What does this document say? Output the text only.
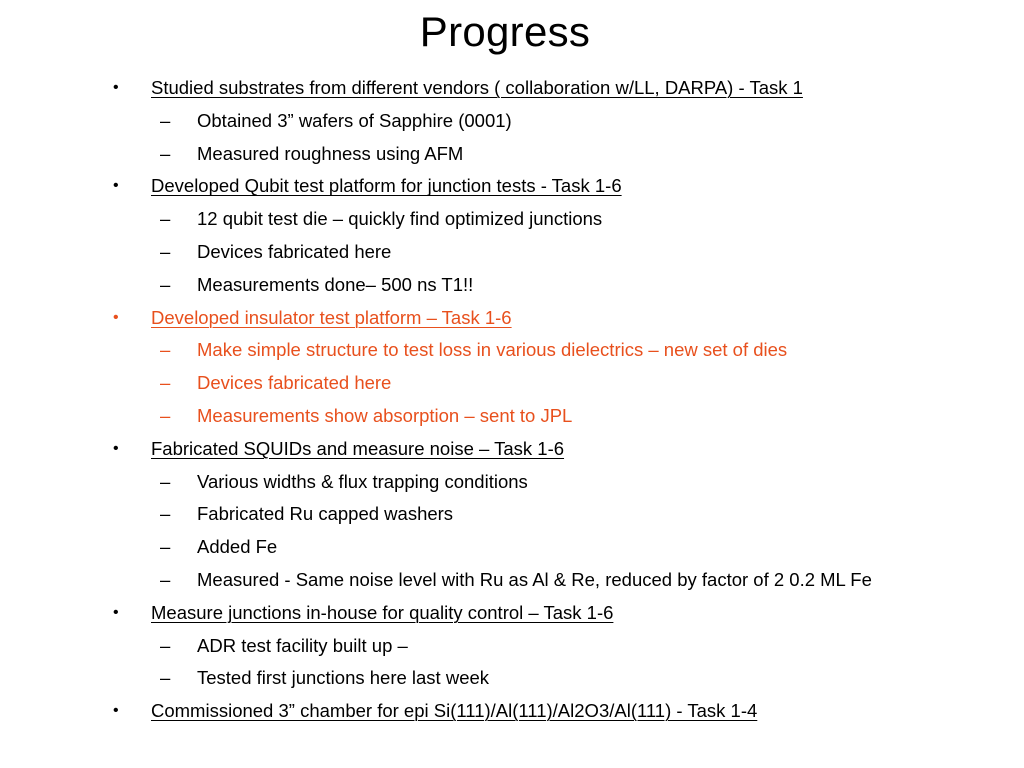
Progress
• Studied substrates from different vendors ( collaboration w/LL, DARPA) - Task 1
– Obtained 3” wafers of Sapphire (0001)
– Measured roughness using AFM
• Developed Qubit test platform for junction tests - Task 1-6
– 12 qubit test die – quickly find optimized junctions
– Devices fabricated here
– Measurements done– 500 ns T1!!
• Developed insulator test platform – Task 1-6
– Make simple structure to test loss in various dielectrics – new set of dies
– Devices fabricated here
– Measurements show absorption – sent to JPL
• Fabricated SQUIDs and measure noise – Task 1-6
– Various widths & flux trapping conditions
– Fabricated Ru capped washers
– Added Fe
– Measured - Same noise level with Ru as Al & Re, reduced by factor of 2 0.2 ML Fe
• Measure junctions in-house for quality control – Task 1-6
– ADR test facility built up –
– Tested first junctions here last week
• Commissioned 3” chamber for epi Si(111)/Al(111)/Al2O3/Al(111) - Task 1-4
